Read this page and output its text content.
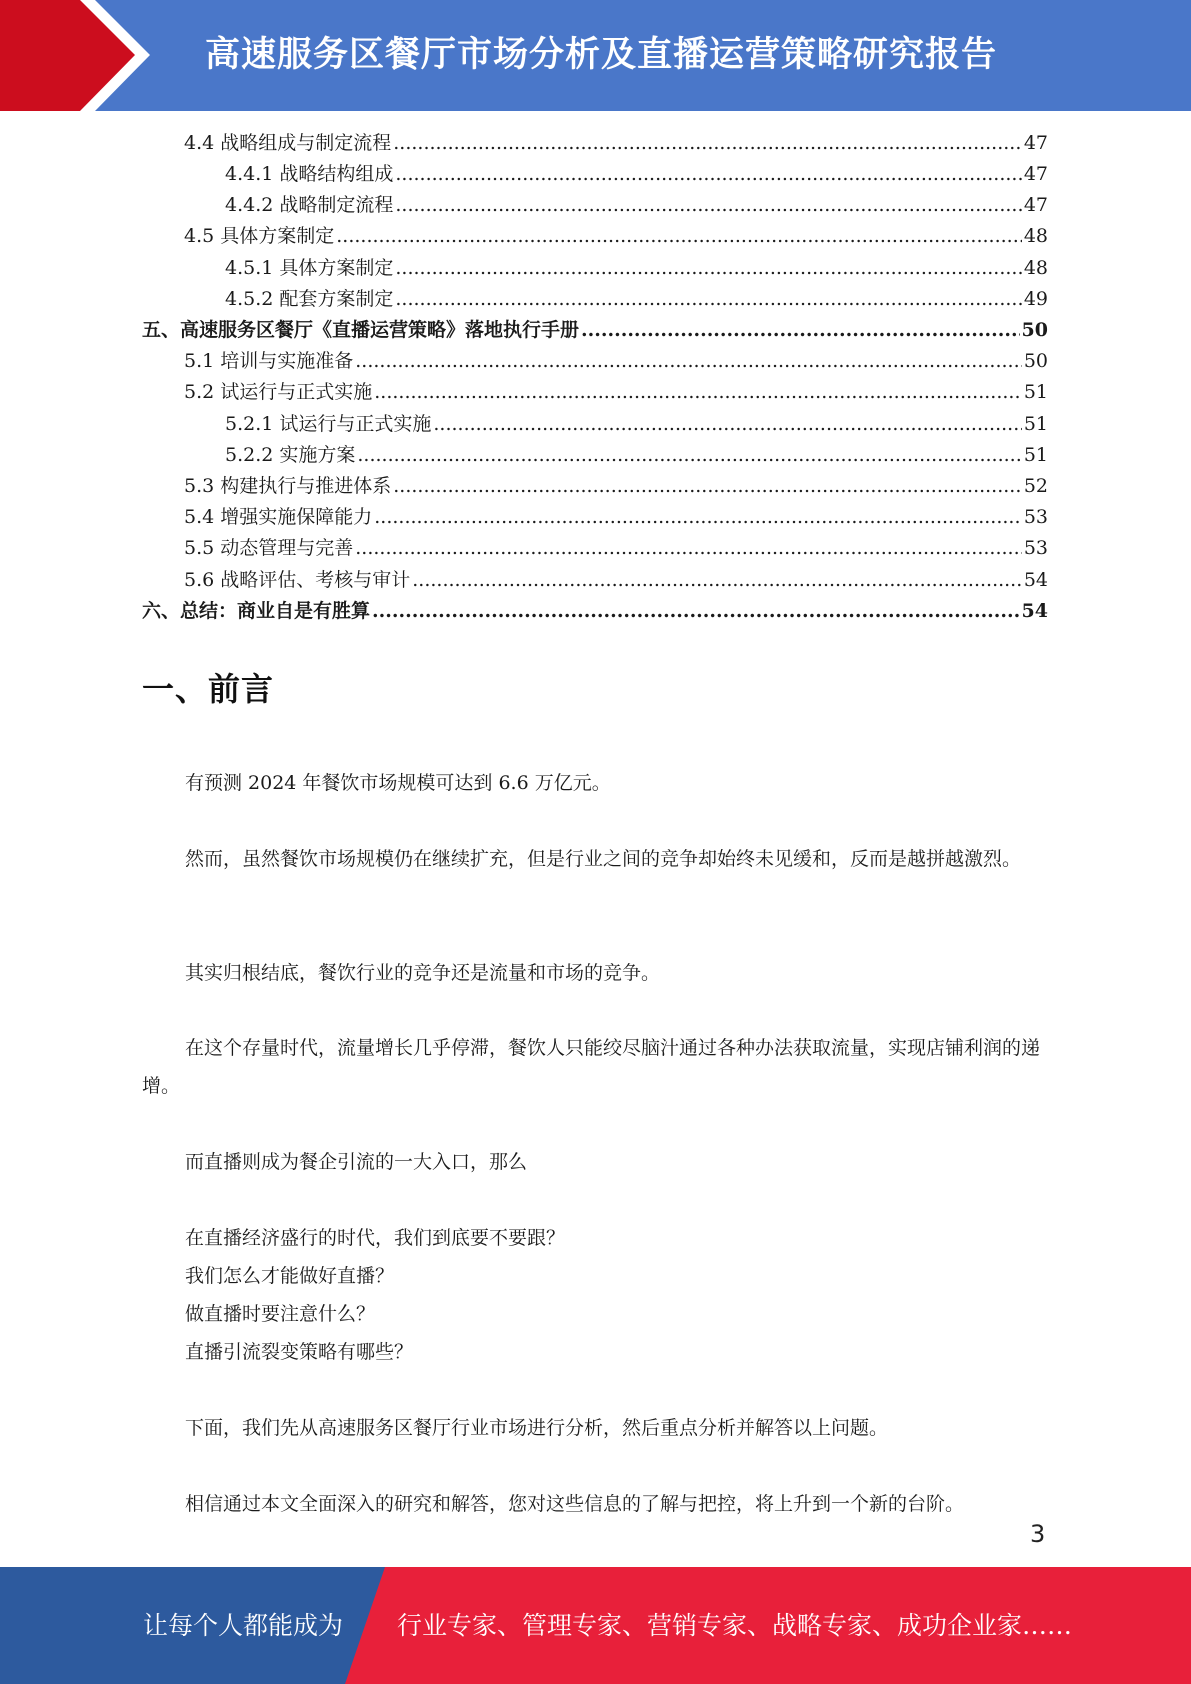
高速服务区餐厅市场分析及直播运营策略研究报告
4.4 战略组成与制定流程 .....	47
4.4.1 战略结构组成 .....	47
4.4.2 战略制定流程 .....	47
4.5 具体方案制定 .....	48
4.5.1 具体方案制定 .....	48
4.5.2 配套方案制定 .....	49
五、高速服务区餐厅《直播运营策略》落地执行手册 .....	50
5.1 培训与实施准备 .....	50
5.2 试运行与正式实施 .....	51
5.2.1 试运行与正式实施 .....	51
5.2.2 实施方案 .....	51
5.3 构建执行与推进体系 .....	52
5.4 增强实施保障能力 .....	53
5.5 动态管理与完善 .....	53
5.6 战略评估、考核与审计 .....	54
六、总结：商业自是有胜算 .....	54
一、前言

有预测 2024 年餐饮市场规模可达到 6.6 万亿元。

然而，虽然餐饮市场规模仍在继续扩充，但是行业之间的竞争却始终未见缓和，反而是越拼越激烈。

其实归根结底，餐饮行业的竞争还是流量和市场的竞争。

在这个存量时代，流量增长几乎停滞，餐饮人只能绞尽脑汁通过各种办法获取流量，实现店铺利润的递增。

而直播则成为餐企引流的一大入口，那么

在直播经济盛行的时代，我们到底要不要跟？

我们怎么才能做好直播？

做直播时要注意什么？

直播引流裂变策略有哪些？

下面，我们先从高速服务区餐厅行业市场进行分析，然后重点分析并解答以上问题。

相信通过本文全面深入的研究和解答，您对这些信息的了解与把控，将上升到一个新的台阶。

3
让每个人都能成为 行业专家、管理专家、营销专家、战略专家、成功企业家……
